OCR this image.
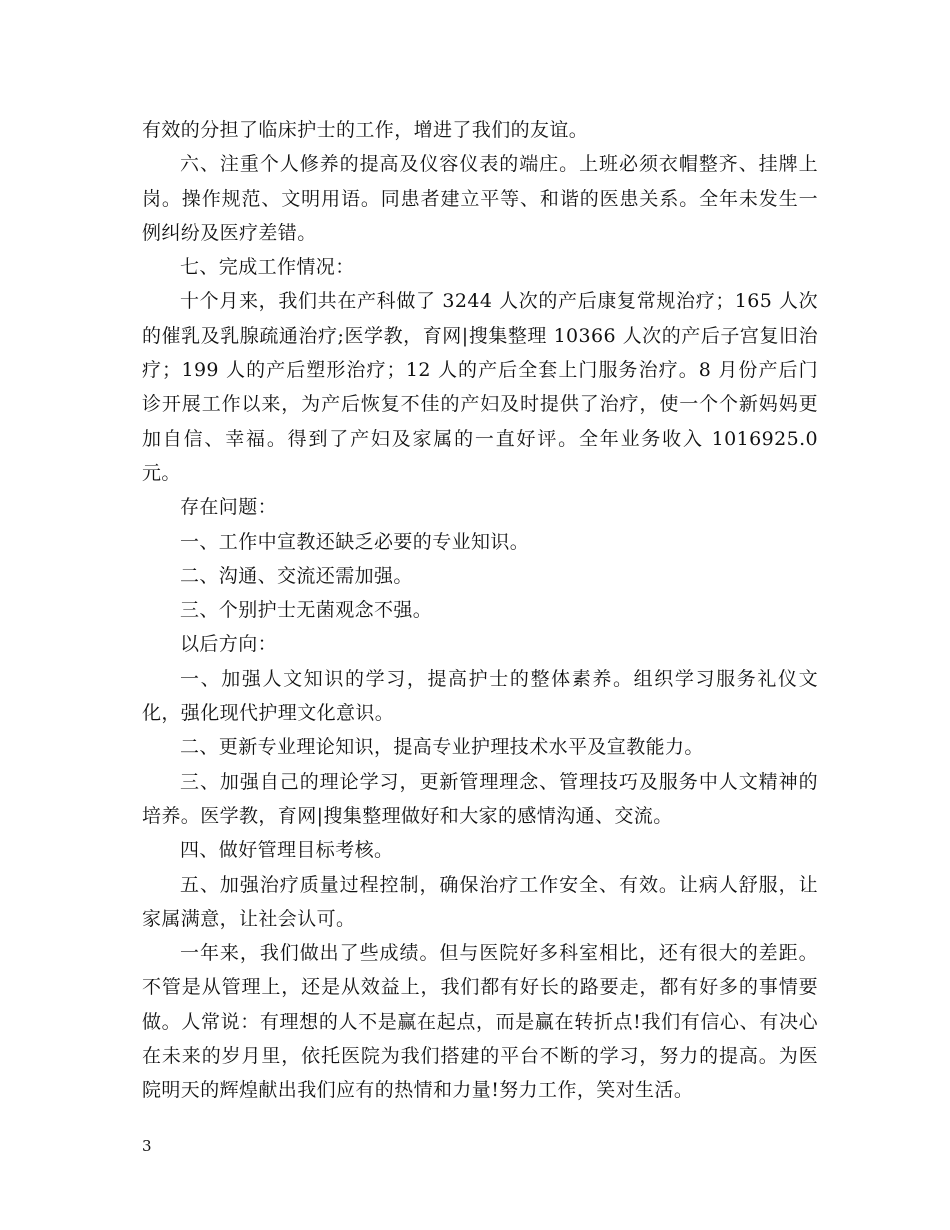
有效的分担了临床护士的工作，增进了我们的友谊。

六、注重个人修养的提高及仪容仪表的端庄。上班必须衣帽整齐、挂牌上岗。操作规范、文明用语。同患者建立平等、和谐的医患关系。全年未发生一例纠纷及医疗差错。

七、完成工作情况：

十个月来，我们共在产科做了 3244 人次的产后康复常规治疗；165 人次的催乳及乳腺疏通治疗;医学教，育网|搜集整理 10366 人次的产后子宫复旧治疗；199 人的产后塑形治疗；12 人的产后全套上门服务治疗。8 月份产后门诊开展工作以来，为产后恢复不佳的产妇及时提供了治疗，使一个个新妈妈更加自信、幸福。得到了产妇及家属的一直好评。全年业务收入 1016925.0 元。

存在问题：

一、工作中宣教还缺乏必要的专业知识。

二、沟通、交流还需加强。

三、个别护士无菌观念不强。

以后方向：

一、加强人文知识的学习，提高护士的整体素养。组织学习服务礼仪文化，强化现代护理文化意识。

二、更新专业理论知识，提高专业护理技术水平及宣教能力。

三、加强自己的理论学习，更新管理理念、管理技巧及服务中人文精神的培养。医学教，育网|搜集整理做好和大家的感情沟通、交流。

四、做好管理目标考核。

五、加强治疗质量过程控制，确保治疗工作安全、有效。让病人舒服，让家属满意，让社会认可。

一年来，我们做出了些成绩。但与医院好多科室相比，还有很大的差距。不管是从管理上，还是从效益上，我们都有好长的路要走，都有好多的事情要做。人常说：有理想的人不是赢在起点，而是赢在转折点!我们有信心、有决心在未来的岁月里，依托医院为我们搭建的平台不断的学习，努力的提高。为医院明天的辉煌献出我们应有的热情和力量!努力工作，笑对生活。

3
